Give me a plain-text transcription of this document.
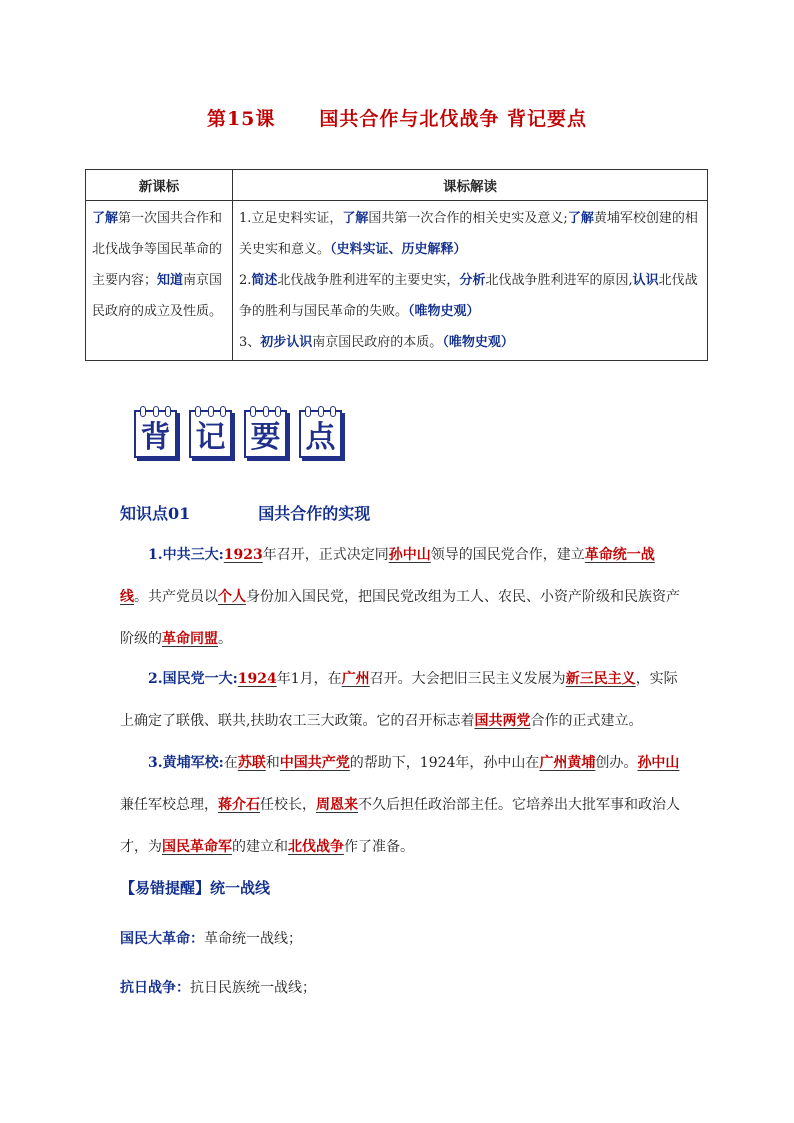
第15课 国共合作与北伐战争 背记要点
新课标	课标解读
了解第一次国共合作和北伐战争等国民革命的主要内容；知道南京国民政府的成立及性质。	1.立足史料实证，了解国共第一次合作的相关史实及意义;了解黄埔军校创建的相关史实和意义。（史料实证、历史解释）
2.简述北伐战争胜利进军的主要史实，分析北伐战争胜利进军的原因,认识北伐战争的胜利与国民革命的失败。（唯物史观）
3、初步认识南京国民政府的本质。（唯物史观）
背 记 要 点
知识点01	国共合作的实现
1.中共三大:1923年召开，正式决定同孙中山领导的国民党合作，建立革命统一战线。共产党员以个人身份加入国民党，把国民党改组为工人、农民、小资产阶级和民族资产阶级的革命同盟。
2.国民党一大:1924年1月，在广州召开。大会把旧三民主义发展为新三民主义，实际上确定了联俄、联共,扶助农工三大政策。它的召开标志着国共两党合作的正式建立。
3.黄埔军校:在苏联和中国共产党的帮助下，1924年，孙中山在广州黄埔创办。孙中山兼任军校总理，蒋介石任校长，周恩来不久后担任政治部主任。它培养出大批军事和政治人才，为国民革命军的建立和北伐战争作了准备。
【易错提醒】统一战线
国民大革命：革命统一战线；
抗日战争：抗日民族统一战线；
